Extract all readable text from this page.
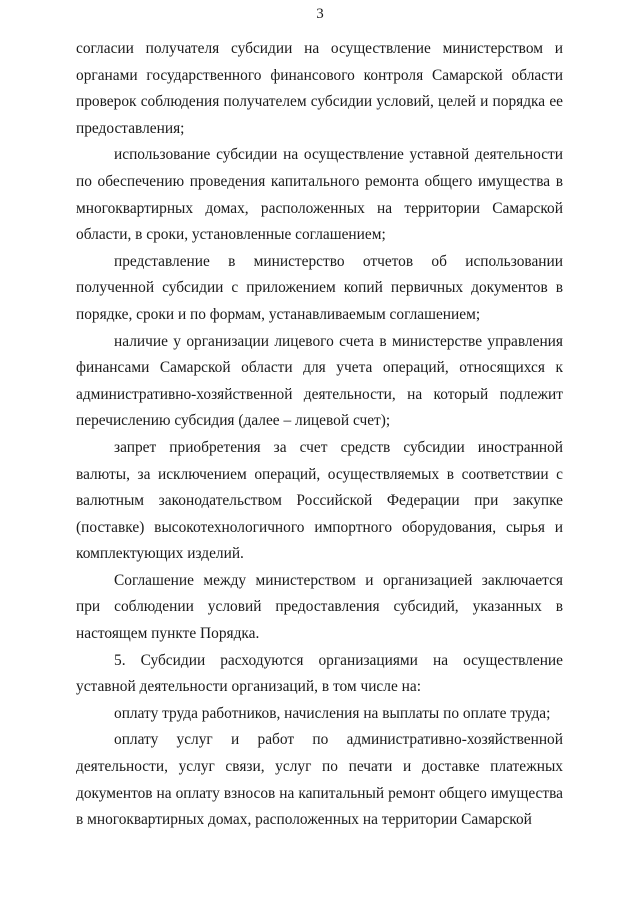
3

согласии получателя субсидии на осуществление министерством и органами государственного финансового контроля Самарской области проверок соблюдения получателем субсидии условий, целей и порядка ее предоставления;

использование субсидии на осуществление уставной деятельности по обеспечению проведения капитального ремонта общего имущества в многоквартирных домах, расположенных на территории Самарской области, в сроки, установленные соглашением;

представление в министерство отчетов об использовании полученной субсидии с приложением копий первичных документов в порядке, сроки и по формам, устанавливаемым соглашением;

наличие у организации лицевого счета в министерстве управления финансами Самарской области для учета операций, относящихся к административно-хозяйственной деятельности, на который подлежит перечислению субсидия (далее – лицевой счет);

запрет приобретения за счет средств субсидии иностранной валюты, за исключением операций, осуществляемых в соответствии с валютным законодательством Российской Федерации при закупке (поставке) высокотехнологичного импортного оборудования, сырья и комплектующих изделий.

Соглашение между министерством и организацией заключается при соблюдении условий предоставления субсидий, указанных в настоящем пункте Порядка.

5. Субсидии расходуются организациями на осуществление уставной деятельности организаций, в том числе на:

оплату труда работников, начисления на выплаты по оплате труда;

оплату услуг и работ по административно-хозяйственной деятельности, услуг связи, услуг по печати и доставке платежных документов на оплату взносов на капитальный ремонт общего имущества в многоквартирных домах, расположенных на территории Самарской
